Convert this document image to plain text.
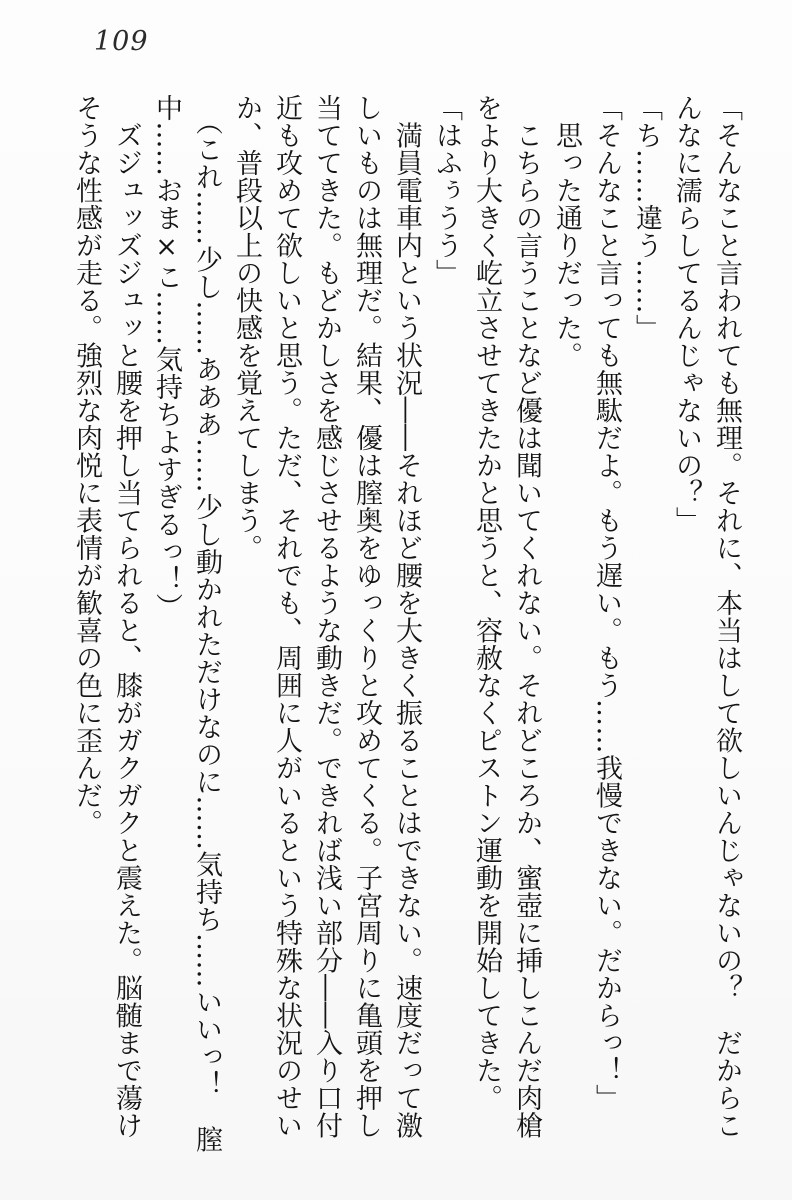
109
「そんなこと言われても無理。それに、本当はして欲しいんじゃないの？　だからこ
んなに濡らしてるんじゃないの？」
「ち……違う……」
「そんなこと言っても無駄だよ。もう遅い。もう……我慢できない。だからっ！」
　思った通りだった。
　こちらの言うことなど優は聞いてくれない。それどころか、蜜壺に挿しこんだ肉槍
をより大きく屹立させてきたかと思うと、容赦なくピストン運動を開始してきた。
「はふぅうう」
　満員電車内という状況――それほど腰を大きく振ることはできない。速度だって激
しいものは無理だ。結果、優は膣奥をゆっくりと攻めてくる。子宮周りに亀頭を押し
当ててきた。もどかしさを感じさせるような動きだ。できれば浅い部分――入り口付
近も攻めて欲しいと思う。ただ、それでも、周囲に人がいるという特殊な状況のせい
か、普段以上の快感を覚えてしまう。
　（これ……少し……あああ……少し動かれただけなのに……気持ち……いいっ！　膣
中……おま×こ……気持ちよすぎるっ！）
　ズジュッズジュッと腰を押し当てられると、膝がガクガクと震えた。脳髄まで蕩け
そうな性感が走る。強烈な肉悦に表情が歓喜の色に歪んだ。
